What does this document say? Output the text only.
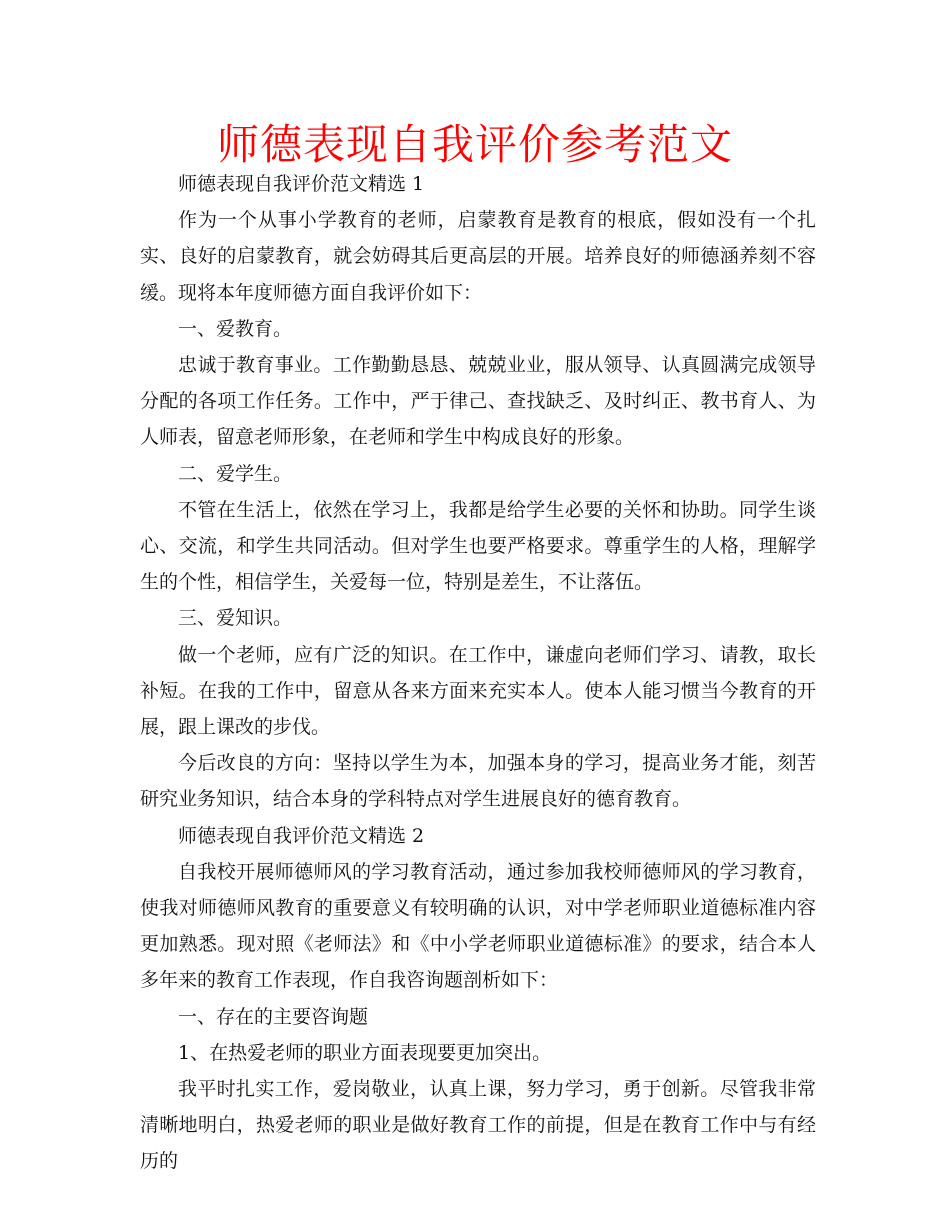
师德表现自我评价参考范文

师德表现自我评价范文精选 1

作为一个从事小学教育的老师，启蒙教育是教育的根底，假如没有一个扎实、良好的启蒙教育，就会妨碍其后更高层的开展。培养良好的师德涵养刻不容缓。现将本年度师德方面自我评价如下：

一、爱教育。

忠诚于教育事业。工作勤勤恳恳、兢兢业业，服从领导、认真圆满完成领导分配的各项工作任务。工作中，严于律己、查找缺乏、及时纠正、教书育人、为人师表，留意老师形象，在老师和学生中构成良好的形象。

二、爱学生。

不管在生活上，依然在学习上，我都是给学生必要的关怀和协助。同学生谈心、交流，和学生共同活动。但对学生也要严格要求。尊重学生的人格，理解学生的个性，相信学生，关爱每一位，特别是差生，不让落伍。

三、爱知识。

做一个老师，应有广泛的知识。在工作中，谦虚向老师们学习、请教，取长补短。在我的工作中，留意从各来方面来充实本人。使本人能习惯当今教育的开展，跟上课改的步伐。

今后改良的方向：坚持以学生为本，加强本身的学习，提高业务才能，刻苦研究业务知识，结合本身的学科特点对学生进展良好的德育教育。

师德表现自我评价范文精选 2

自我校开展师德师风的学习教育活动，通过参加我校师德师风的学习教育，使我对师德师风教育的重要意义有较明确的认识，对中学老师职业道德标准内容更加熟悉。现对照《老师法》和《中小学老师职业道德标准》的要求，结合本人多年来的教育工作表现，作自我咨询题剖析如下：

一、存在的主要咨询题

1、在热爱老师的职业方面表现要更加突出。

我平时扎实工作，爱岗敬业，认真上课，努力学习，勇于创新。尽管我非常清晰地明白，热爱老师的职业是做好教育工作的前提，但是在教育工作中与有经历的
